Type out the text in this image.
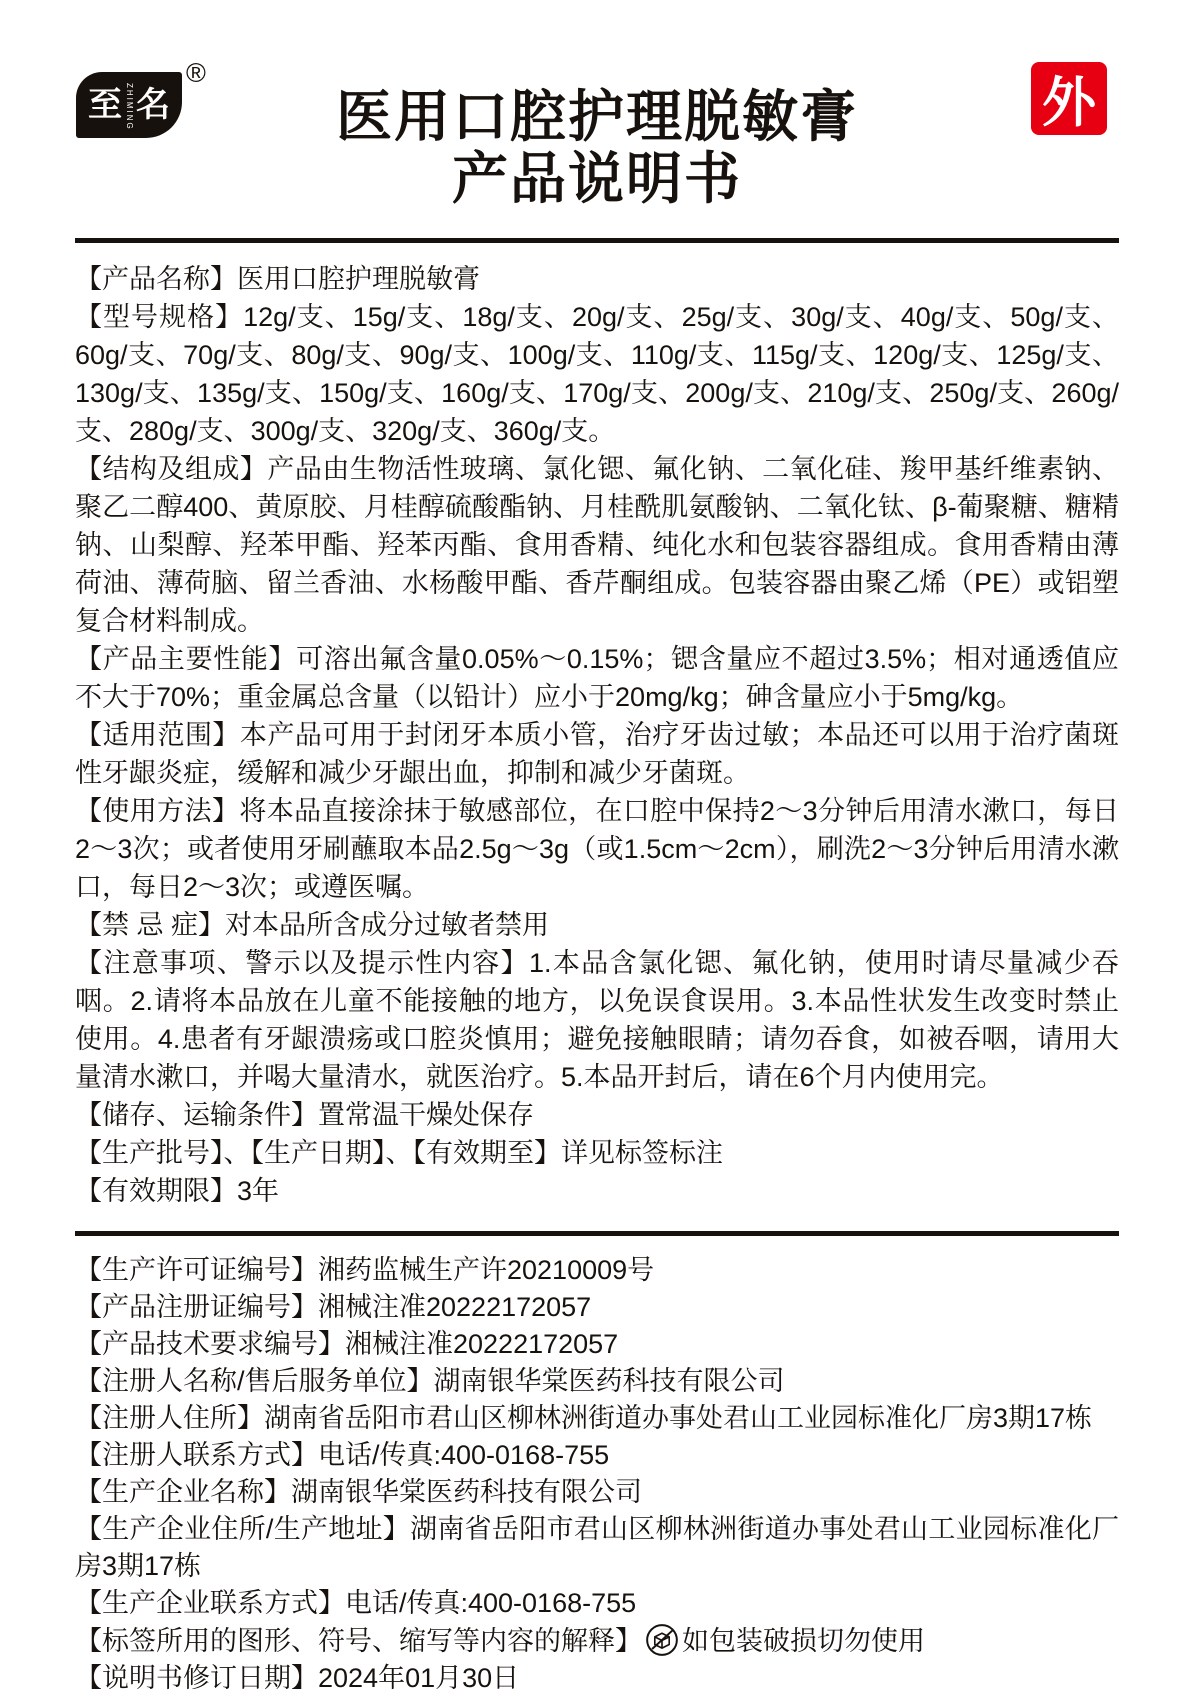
至 ZHIMING 名
®	外
医用口腔护理脱敏膏
产品说明书

【产品名称】医用口腔护理脱敏膏

【型号规格】12g/支、15g/支、18g/支、20g/支、25g/支、30g/支、40g/支、50g/支、60g/支、70g/支、80g/支、90g/支、100g/支、110g/支、115g/支、120g/支、125g/支、130g/支、135g/支、150g/支、160g/支、170g/支、200g/支、210g/支、250g/支、260g/支、280g/支、300g/支、320g/支、360g/支。

【结构及组成】产品由生物活性玻璃、氯化锶、氟化钠、二氧化硅、羧甲基纤维素钠、聚乙二醇400、黄原胶、月桂醇硫酸酯钠、月桂酰肌氨酸钠、二氧化钛、β-葡聚糖、糖精钠、山梨醇、羟苯甲酯、羟苯丙酯、食用香精、纯化水和包装容器组成。食用香精由薄荷油、薄荷脑、留兰香油、水杨酸甲酯、香芹酮组成。包装容器由聚乙烯（PE）或铝塑复合材料制成。

【产品主要性能】可溶出氟含量0.05%～0.15%；锶含量应不超过3.5%；相对通透值应不大于70%；重金属总含量（以铅计）应小于20mg/kg；砷含量应小于5mg/kg。

【适用范围】本产品可用于封闭牙本质小管，治疗牙齿过敏；本品还可以用于治疗菌斑性牙龈炎症，缓解和减少牙龈出血，抑制和减少牙菌斑。

【使用方法】将本品直接涂抹于敏感部位，在口腔中保持2～3分钟后用清水漱口，每日2～3次；或者使用牙刷蘸取本品2.5g～3g（或1.5cm～2cm），刷洗2～3分钟后用清水漱口，每日2～3次；或遵医嘱。

【禁 忌 症】对本品所含成分过敏者禁用

【注意事项、警示以及提示性内容】1.本品含氯化锶、氟化钠，使用时请尽量减少吞咽。2.请将本品放在儿童不能接触的地方，以免误食误用。3.本品性状发生改变时禁止使用。4.患者有牙龈溃疡或口腔炎慎用；避免接触眼睛；请勿吞食，如被吞咽，请用大量清水漱口，并喝大量清水，就医治疗。5.本品开封后，请在6个月内使用完。

【储存、运输条件】置常温干燥处保存

【生产批号】、【生产日期】、【有效期至】详见标签标注

【有效期限】3年

【生产许可证编号】湘药监械生产许20210009号

【产品注册证编号】湘械注准20222172057

【产品技术要求编号】湘械注准20222172057

【注册人名称/售后服务单位】湖南银华棠医药科技有限公司

【注册人住所】湖南省岳阳市君山区柳林洲街道办事处君山工业园标准化厂房3期17栋

【注册人联系方式】电话/传真:400-0168-755

【生产企业名称】湖南银华棠医药科技有限公司

【生产企业住所/生产地址】湖南省岳阳市君山区柳林洲街道办事处君山工业园标准化厂房3期17栋

【生产企业联系方式】电话/传真:400-0168-755

【标签所用的图形、符号、缩写等内容的解释】 如包装破损切勿使用

【说明书修订日期】2024年01月30日
